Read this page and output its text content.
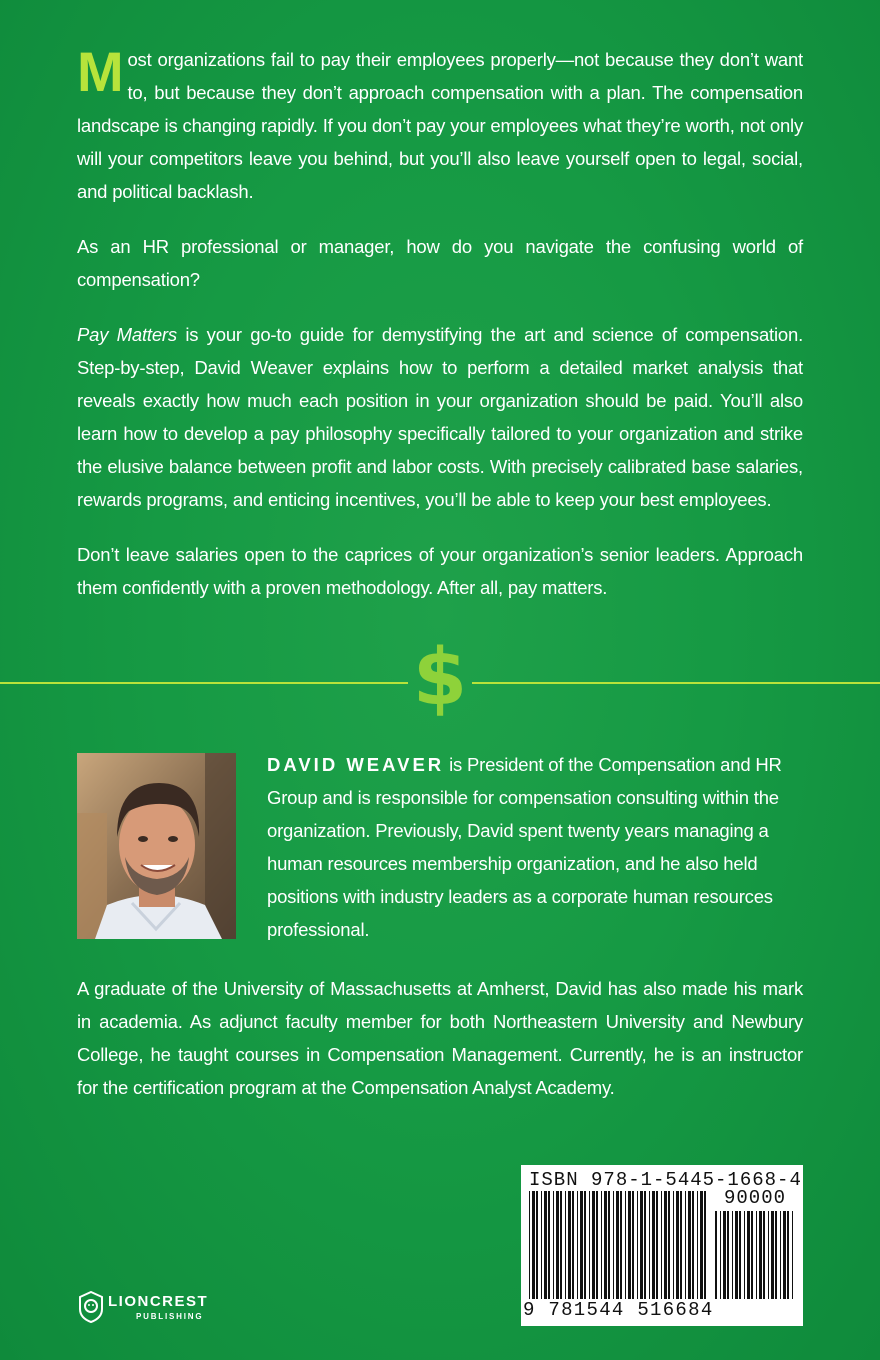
Most organizations fail to pay their employees properly—not because they don’t want to, but because they don’t approach compensation with a plan. The compensation landscape is changing rapidly. If you don’t pay your employees what they’re worth, not only will your competitors leave you behind, but you’ll also leave yourself open to legal, social, and political backlash.

As an HR professional or manager, how do you navigate the confusing world of compensation?

Pay Matters is your go-to guide for demystifying the art and science of compensation. Step-by-step, David Weaver explains how to perform a detailed market analysis that reveals exactly how much each position in your organization should be paid. You’ll also learn how to develop a pay philosophy specifically tailored to your organization and strike the elusive balance between profit and labor costs. With precisely calibrated base salaries, rewards programs, and enticing incentives, you’ll be able to keep your best employees.

Don’t leave salaries open to the caprices of your organization’s senior leaders. Approach them confidently with a proven methodology. After all, pay matters.

$

DAVID WEAVER is President of the Compensation and HR Group and is responsible for compensation consulting within the organization. Previously, David spent twenty years managing a human resources membership organization, and he also held positions with industry leaders as a corporate human resources professional.

A graduate of the University of Massachusetts at Amherst, David has also made his mark in academia. As adjunct faculty member for both Northeastern University and Newbury College, he taught courses in Compensation Management. Currently, he is an instructor for the certification program at the Compensation Analyst Academy.

ISBN 978-1-5445-1668-4
90000
9 781544 516684
LIONCREST
PUBLISHING
